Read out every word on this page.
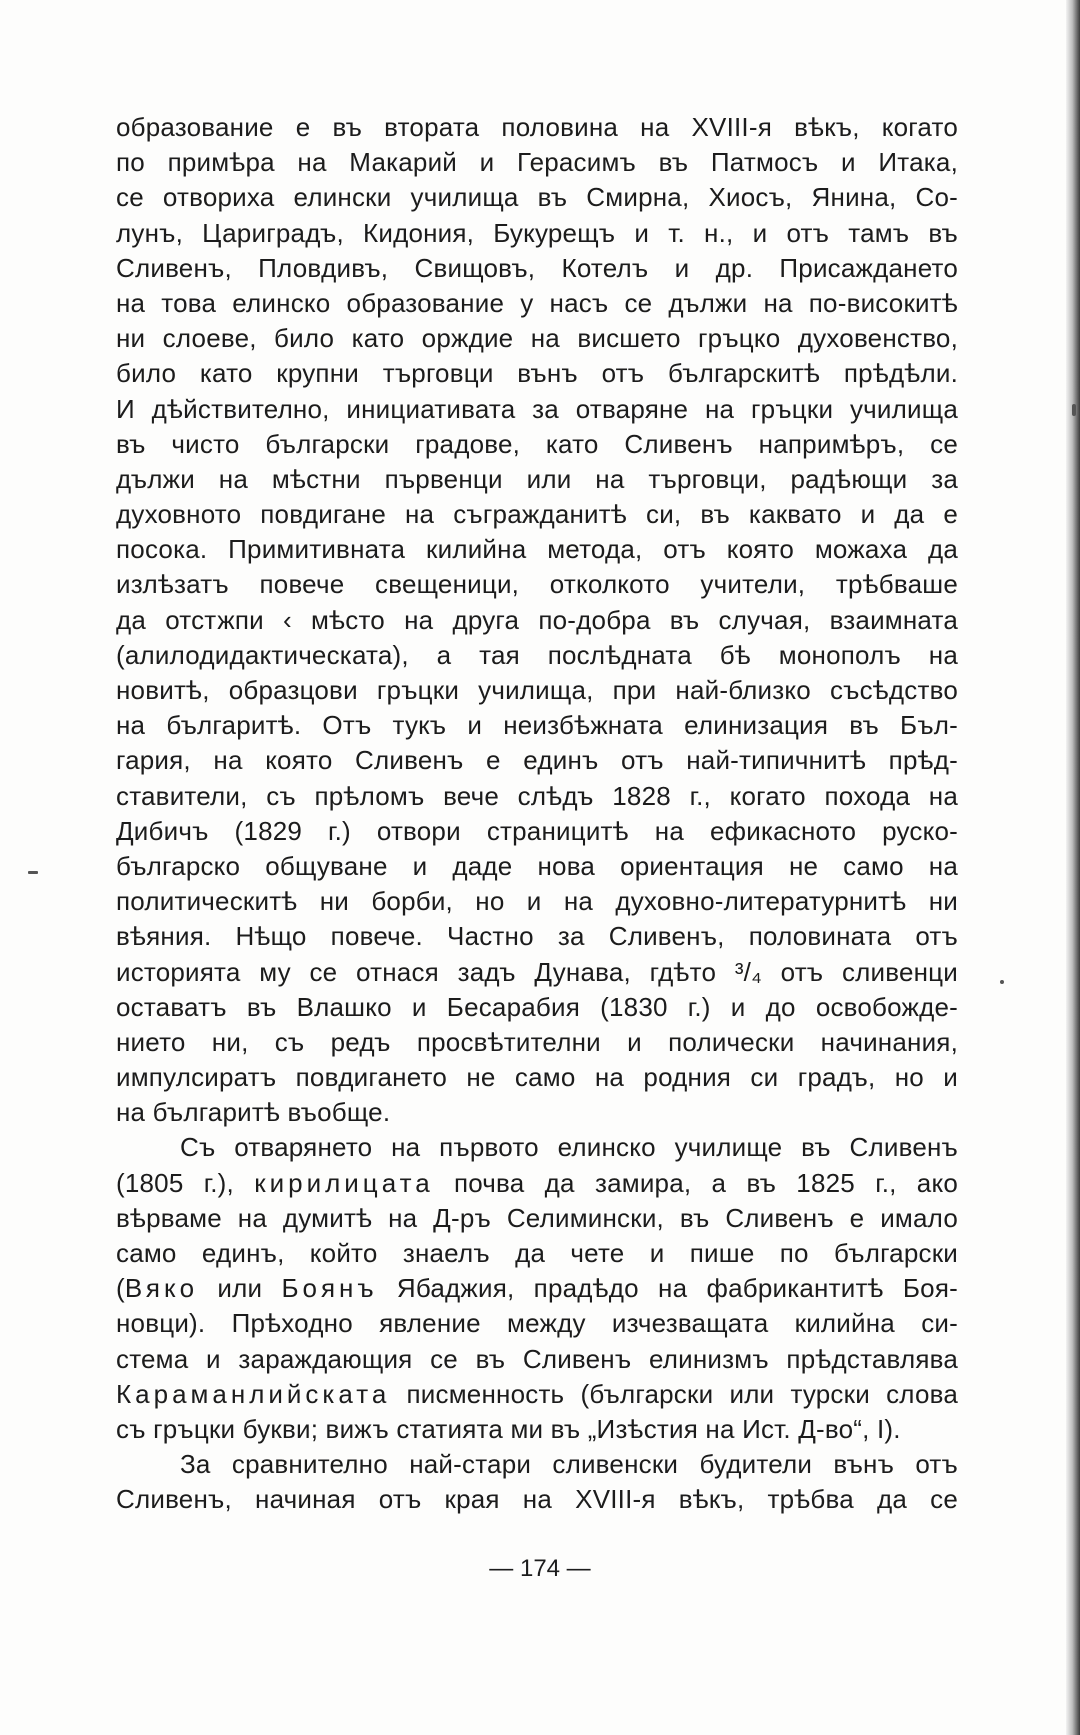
образование е въ втората половина на XVIII-я вѣкъ, когато
по примѣра на Макарий и Герасимъ въ Патмосъ и Итака,
се отвориха елински училища въ Смирна, Хиосъ, Янина, Со-
лунъ, Цариградъ, Кидония, Букурещъ и т. н., и отъ тамъ въ
Сливенъ, Пловдивъ, Свищовъ, Котелъ и др. Присаждането
на това елинско образование у насъ се дължи на по-високитѣ
ни слоеве, било като орждие на висшето гръцко духовенство,
било като крупни търговци вънъ отъ българскитѣ прѣдѣли.
И дѣйствително, инициативата за отваряне на гръцки училища
въ чисто български градове, като Сливенъ напримѣръ, се
дължи на мѣстни първенци или на търговци, радѣющи за
духовното повдигане на съгражданитѣ си, въ каквато и да е
посока. Примитивната килийна метода, отъ която можаха да
излѣзатъ повече свещеници, отколкото учители, трѣбваше
да отстжпи ‹ мѣсто на друга по-добра въ случая, взаимната
(алилодидактическата), а тая послѣдната бѣ монополъ на
новитѣ, образцови гръцки училища, при най-близко съсѣдство
на българитѣ. Отъ тукъ и неизбѣжната елинизация въ Бъл-
гария, на която Сливенъ е единъ отъ най-типичнитѣ прѣд-
ставители, съ прѣломъ вече слѣдъ 1828 г., когато похода на
Дибичъ (1829 г.) отвори страницитѣ на ефикасното руско-
българско общуване и даде нова ориентация не само на
политическитѣ ни борби, но и на духовно-литературнитѣ ни
вѣяния. Нѣщо повече. Частно за Сливенъ, половината отъ
историята му се отнася задъ Дунава, гдѣто ³/₄ отъ сливенци
оставатъ въ Влашко и Бесарабия (1830 г.) и до освобожде-
нието ни, съ редъ просвѣтителни и полически начинания,
импулсиратъ повдигането не само на родния си градъ, но и
на българитѣ въобще.
Съ отварянето на първото елинско училище въ Сливенъ
(1805 г.), кирилицата почва да замира, а въ 1825 г., ако
вѣрваме на думитѣ на Д-ръ Селимински, въ Сливенъ е имало
само единъ, който знаелъ да чете и пише по български
(Вяко или Боянъ Ябаджия, прадѣдо на фабрикантитѣ Боя-
новци). Прѣходно явление между изчезващата килийна си-
стема и зараждающия се въ Сливенъ елинизмъ прѣдставлява
Караманлийската писменность (български или турски слова
съ гръцки букви; вижъ статията ми въ „Изѣстия на Ист. Д-во“, I).
За сравнително най-стари сливенски будители вънъ отъ
Сливенъ, начиная отъ края на XVIII-я вѣкъ, трѣбва да се
— 174 —
